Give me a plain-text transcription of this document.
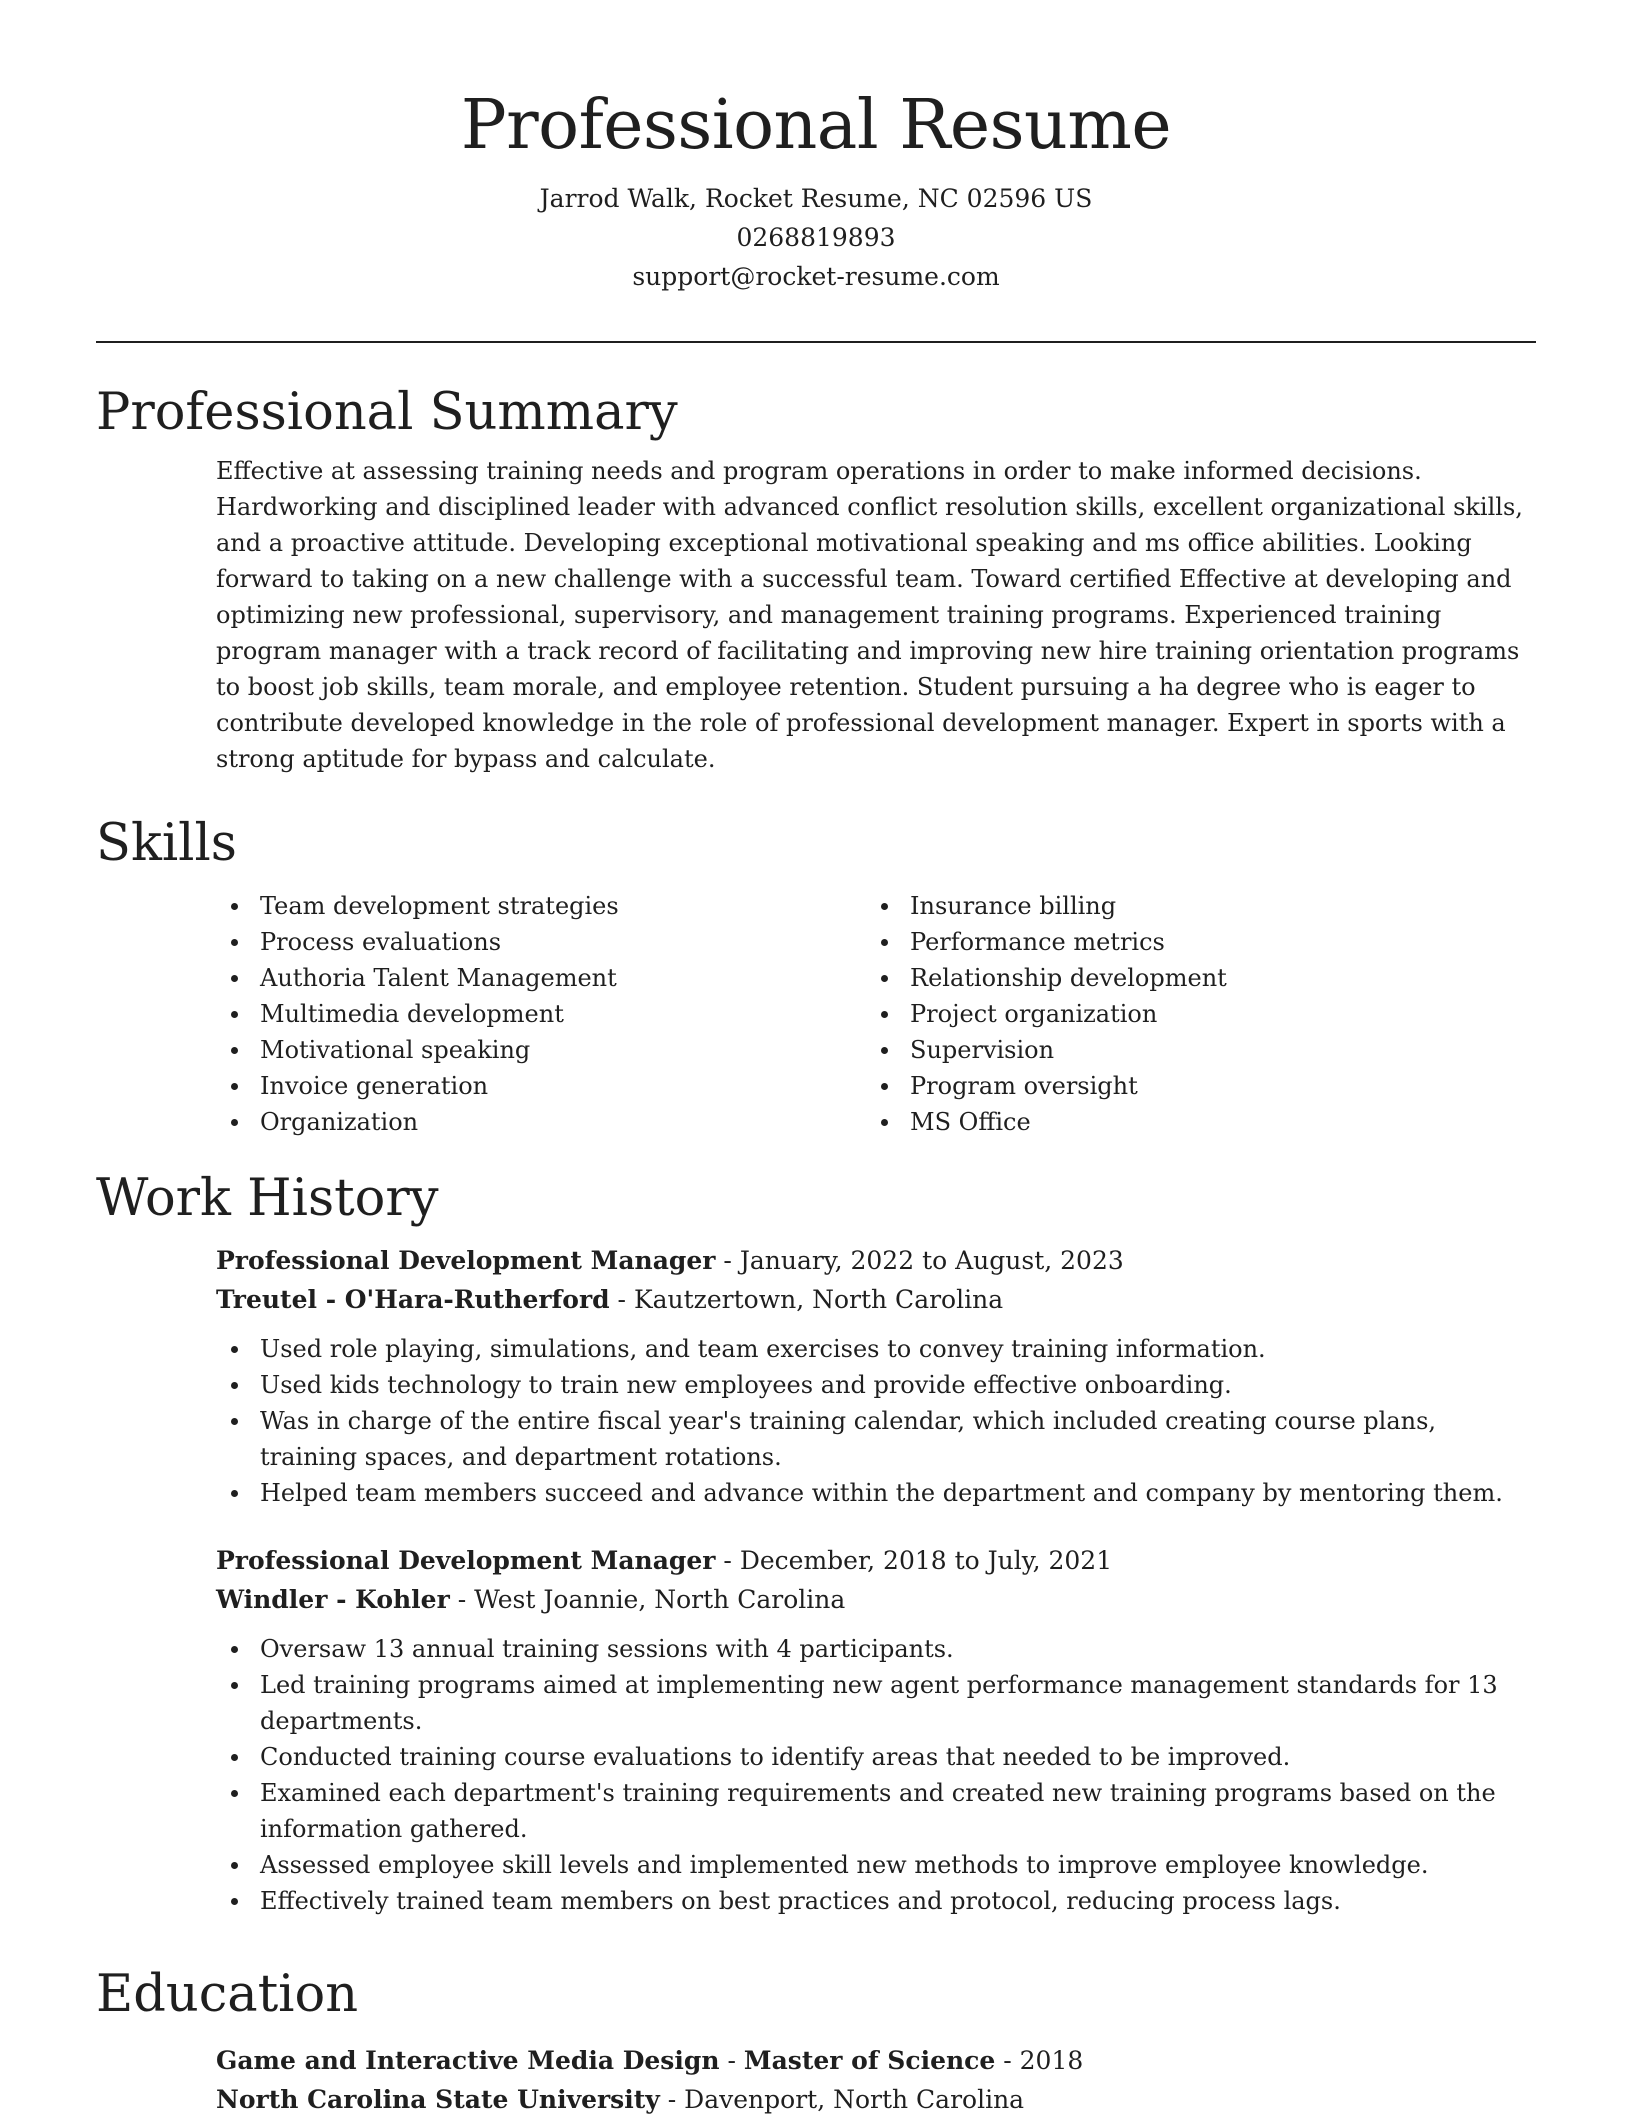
Professional Resume
Jarrod Walk, Rocket Resume, NC 02596 US
0268819893
support@rocket-resume.com
Professional Summary
Effective at assessing training needs and program operations in order to make informed decisions. Hardworking and disciplined leader with advanced conflict resolution skills, excellent organizational skills, and a proactive attitude. Developing exceptional motivational speaking and ms office abilities. Looking forward to taking on a new challenge with a successful team. Toward certified Effective at developing and optimizing new professional, supervisory, and management training programs. Experienced training program manager with a track record of facilitating and improving new hire training orientation programs to boost job skills, team morale, and employee retention. Student pursuing a ha degree who is eager to contribute developed knowledge in the role of professional development manager. Expert in sports with a strong aptitude for bypass and calculate.
Skills
Team development strategies
Process evaluations
Authoria Talent Management
Multimedia development
Motivational speaking
Invoice generation
Organization
Insurance billing
Performance metrics
Relationship development
Project organization
Supervision
Program oversight
MS Office
Work History
Professional Development Manager - January, 2022 to August, 2023
Treutel - O'Hara-Rutherford - Kautzertown, North Carolina
Used role playing, simulations, and team exercises to convey training information.
Used kids technology to train new employees and provide effective onboarding.
Was in charge of the entire fiscal year's training calendar, which included creating course plans, training spaces, and department rotations.
Helped team members succeed and advance within the department and company by mentoring them.
Professional Development Manager - December, 2018 to July, 2021
Windler - Kohler - West Joannie, North Carolina
Oversaw 13 annual training sessions with 4 participants.
Led training programs aimed at implementing new agent performance management standards for 13 departments.
Conducted training course evaluations to identify areas that needed to be improved.
Examined each department's training requirements and created new training programs based on the information gathered.
Assessed employee skill levels and implemented new methods to improve employee knowledge.
Effectively trained team members on best practices and protocol, reducing process lags.
Education
Game and Interactive Media Design - Master of Science - 2018
North Carolina State University - Davenport, North Carolina
